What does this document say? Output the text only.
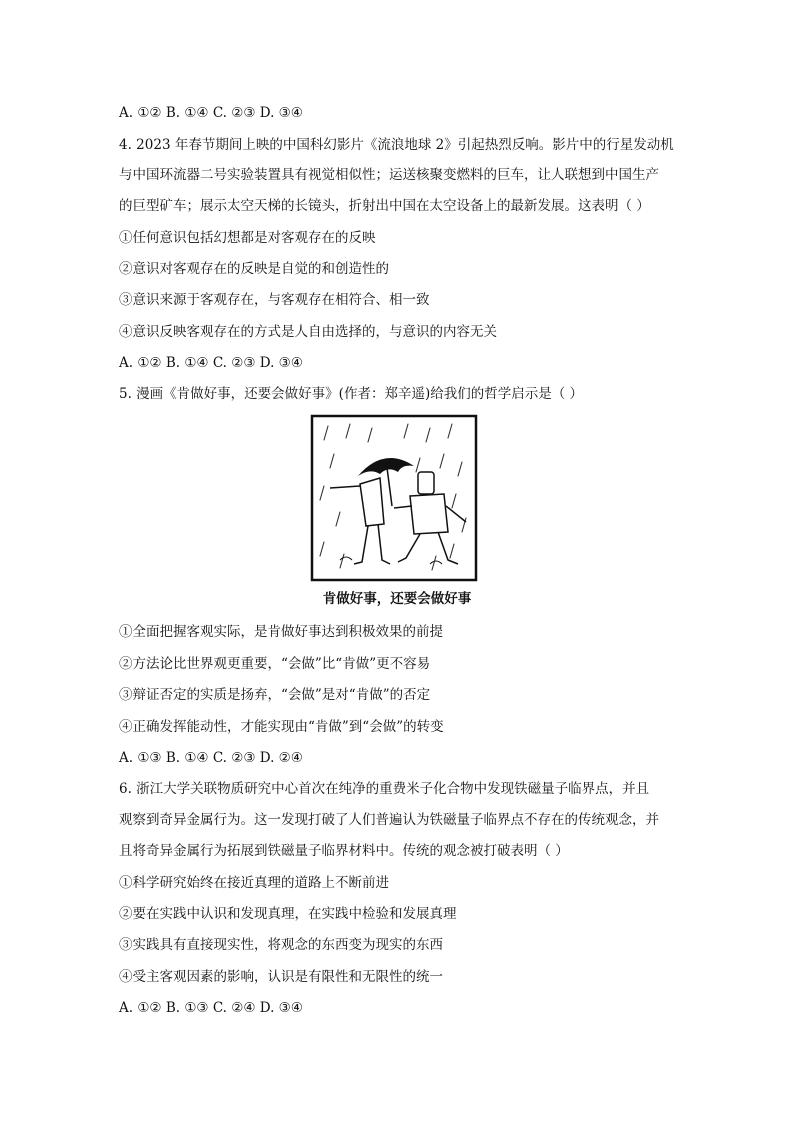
A. ①② B. ①④ C. ②③ D. ③④
4. 2023 年春节期间上映的中国科幻影片《流浪地球 2》引起热烈反响。影片中的行星发动机
与中国环流器二号实验装置具有视觉相似性；运送核聚变燃料的巨车，让人联想到中国生产
的巨型矿车；展示太空天梯的长镜头，折射出中国在太空设备上的最新发展。这表明（ ）
①任何意识包括幻想都是对客观存在的反映
②意识对客观存在的反映是自觉的和创造性的
③意识来源于客观存在，与客观存在相符合、相一致
④意识反映客观存在的方式是人自由选择的，与意识的内容无关
A. ①② B. ①④ C. ②③ D. ③④
5. 漫画《肯做好事，还要会做好事》(作者：郑辛遥)给我们的哲学启示是（ ）
肯做好事，还要会做好事
①全面把握客观实际，是肯做好事达到积极效果的前提
②方法论比世界观更重要，“会做”比“肯做”更不容易
③辩证否定的实质是扬弃，“会做”是对“肯做”的否定
④正确发挥能动性，才能实现由“肯做”到“会做”的转变
A. ①③ B. ①④ C. ②③ D. ②④
6. 浙江大学关联物质研究中心首次在纯净的重费米子化合物中发现铁磁量子临界点，并且
观察到奇异金属行为。这一发现打破了人们普遍认为铁磁量子临界点不存在的传统观念，并
且将奇异金属行为拓展到铁磁量子临界材料中。传统的观念被打破表明（ ）
①科学研究始终在接近真理的道路上不断前进
②要在实践中认识和发现真理，在实践中检验和发展真理
③实践具有直接现实性，将观念的东西变为现实的东西
④受主客观因素的影响，认识是有限性和无限性的统一
A. ①② B. ①③ C. ②④ D. ③④
